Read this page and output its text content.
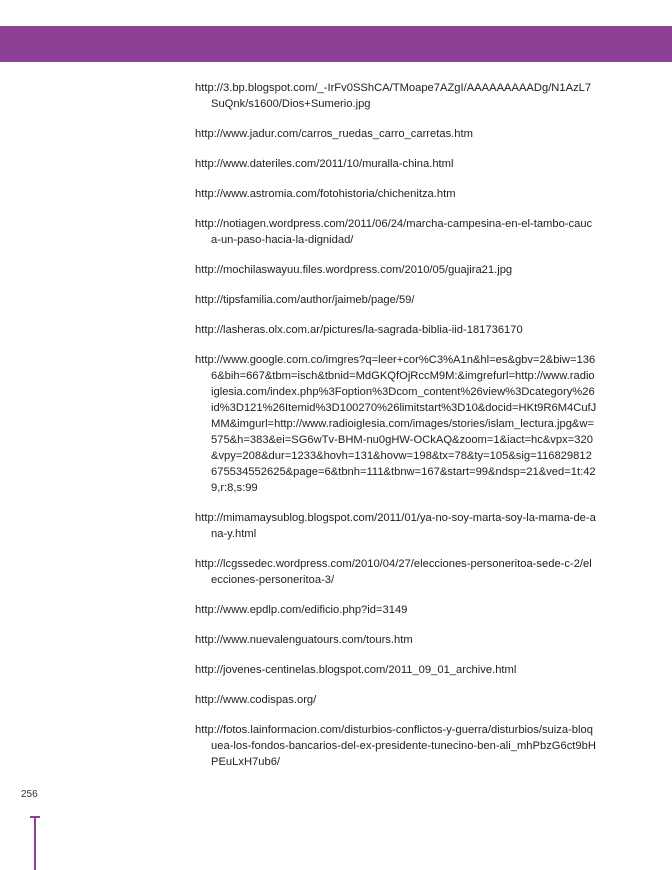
http://3.bp.blogspot.com/_-IrFv0SShCA/TMoape7AZgI/AAAAAAAAADg/N1AzL7SuQnk/s1600/Dios+Sumerio.jpg
http://www.jadur.com/carros_ruedas_carro_carretas.htm
http://www.dateriles.com/2011/10/muralla-china.html
http://www.astromia.com/fotohistoria/chichenitza.htm
http://notiagen.wordpress.com/2011/06/24/marcha-campesina-en-el-tambo-cauca-un-paso-hacia-la-dignidad/
http://mochilaswayuu.files.wordpress.com/2010/05/guajira21.jpg
http://tipsfamilia.com/author/jaimeb/page/59/
http://lasheras.olx.com.ar/pictures/la-sagrada-biblia-iid-181736170
http://www.google.com.co/imgres?q=leer+cor%C3%A1n&hl=es&gbv=2&biw=1366&bih=667&tbm=isch&tbnid=MdGKQfOjRccM9M:&imgrefurl=http://www.radioiglesia.com/index.php%3Foption%3Dcom_content%26view%3Dcategory%26id%3D121%26Itemid%3D100270%26limitstart%3D10&docid=HKt9R6M4CufJMM&imgurl=http://www.radioiglesia.com/images/stories/islam_lectura.jpg&w=575&h=383&ei=SG6wTv-BHM-nu0gHW-OCkAQ&zoom=1&iact=hc&vpx=320&vpy=208&dur=1233&hovh=131&hovw=198&tx=78&ty=105&sig=116829812675534552625&page=6&tbnh=111&tbnw=167&start=99&ndsp=21&ved=1t:429,r:8,s:99
http://mimamaysublog.blogspot.com/2011/01/ya-no-soy-marta-soy-la-mama-de-ana-y.html
http://lcgssedec.wordpress.com/2010/04/27/elecciones-personeritoa-sede-c-2/elecciones-personeritoa-3/
http://www.epdlp.com/edificio.php?id=3149
http://www.nuevalenguatours.com/tours.htm
http://jovenes-centinelas.blogspot.com/2011_09_01_archive.html
http://www.codispas.org/
http://fotos.lainformacion.com/disturbios-conflictos-y-guerra/disturbios/suiza-bloquea-los-fondos-bancarios-del-ex-presidente-tunecino-ben-ali_mhPbzG6ct9bHPEuLxH7ub6/
256
